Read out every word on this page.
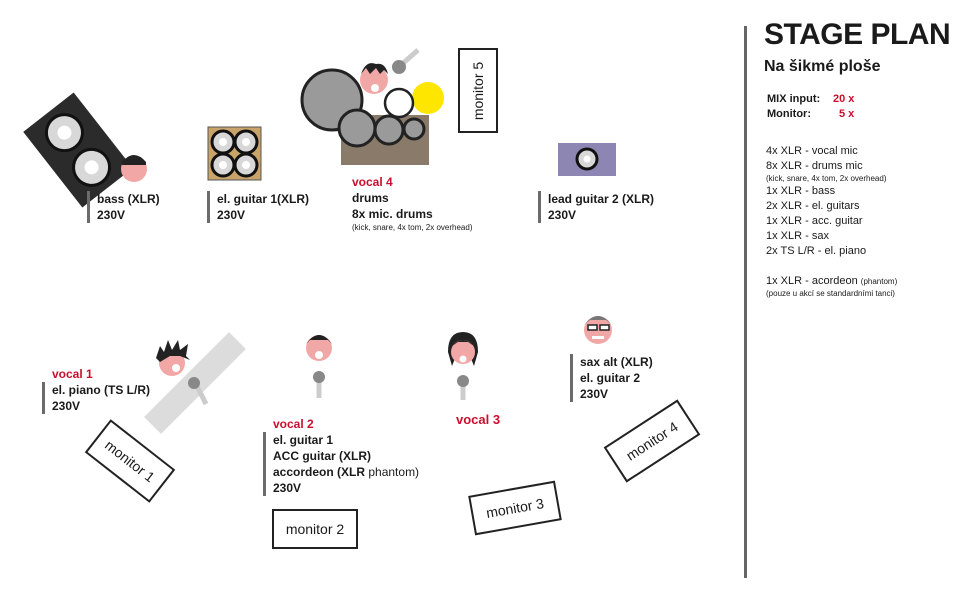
monitor 1
monitor 2
monitor 3
monitor 4
monitor 5
bass (XLR)
230V
el. guitar 1(XLR)
230V
vocal 4
drums
8x mic. drums
(kick, snare, 4x tom, 2x overhead)
lead guitar 2 (XLR)
230V
vocal 1
el. piano (TS L/R)
230V
vocal 2
el. guitar 1
ACC guitar (XLR)
accordeon (XLR phantom)
230V
vocal 3
sax alt (XLR)
el. guitar 2
230V
STAGE PLAN
Na šikmé ploše
MIX input: 20 x
Monitor:	5 x
4x XLR - vocal mic
8x XLR - drums mic
(kick, snare, 4x tom, 2x overhead)
1x XLR - bass
2x XLR - el. guitars
1x XLR - acc. guitar
1x XLR - sax
2x TS L/R - el. piano
1x XLR - acordeon (phantom)
(pouze u akcí se standardními tanci)
